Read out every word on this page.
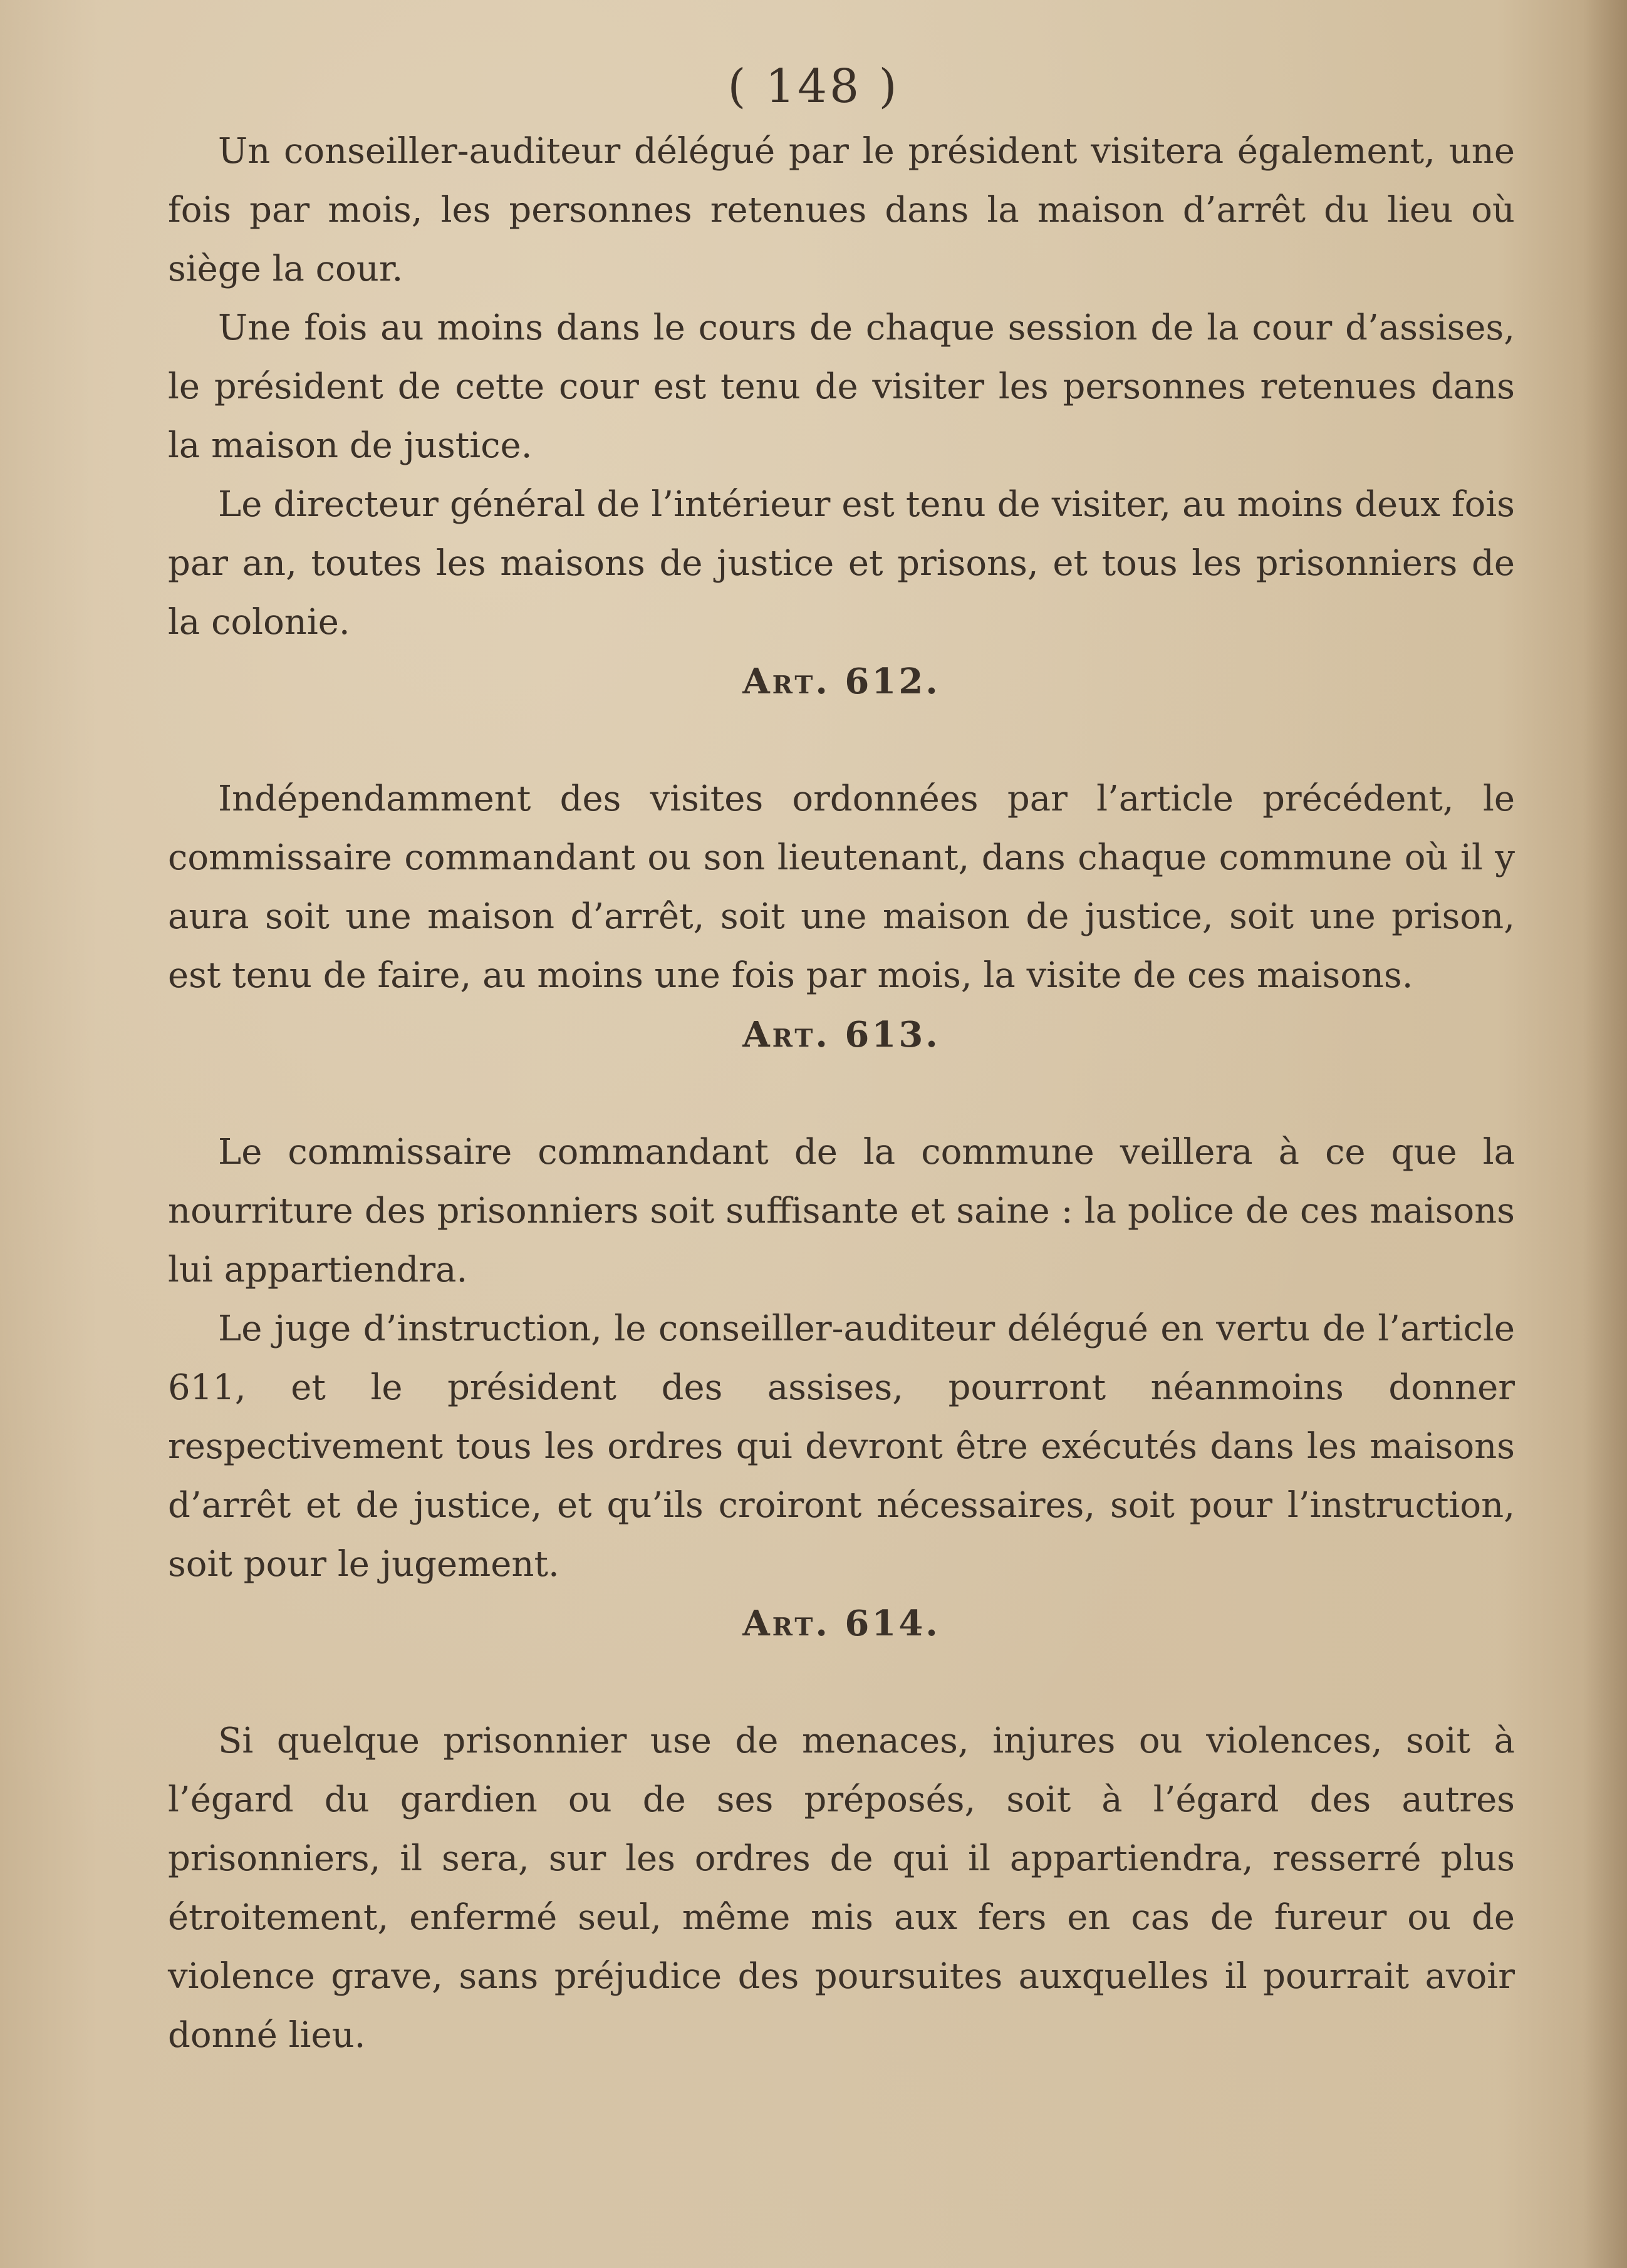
( 148 )

Un conseiller-auditeur délégué par le président visitera également, une fois par mois, les personnes retenues dans la maison d’arrêt du lieu où siège la cour.

Une fois au moins dans le cours de chaque session de la cour d’assises, le président de cette cour est tenu de visiter les personnes retenues dans la maison de justice.

Le directeur général de l’intérieur est tenu de visiter, au moins deux fois par an, toutes les maisons de justice et prisons, et tous les prisonniers de la colonie.

Art. 612.

Indépendamment des visites ordonnées par l’article précédent, le commissaire commandant ou son lieutenant, dans chaque commune où il y aura soit une maison d’arrêt, soit une maison de justice, soit une prison, est tenu de faire, au moins une fois par mois, la visite de ces maisons.

Art. 613.

Le commissaire commandant de la commune veillera à ce que la nourriture des prisonniers soit suffisante et saine : la police de ces maisons lui appartiendra.

Le juge d’instruction, le conseiller-auditeur délégué en vertu de l’article 611, et le président des assises, pourront néanmoins donner respectivement tous les ordres qui devront être exécutés dans les maisons d’arrêt et de justice, et qu’ils croiront nécessaires, soit pour l’instruction, soit pour le jugement.

Art. 614.

Si quelque prisonnier use de menaces, injures ou violences, soit à l’égard du gardien ou de ses préposés, soit à l’égard des autres prisonniers, il sera, sur les ordres de qui il appartiendra, resserré plus étroitement, enfermé seul, même mis aux fers en cas de fureur ou de violence grave, sans préjudice des poursuites auxquelles il pourrait avoir donné lieu.
